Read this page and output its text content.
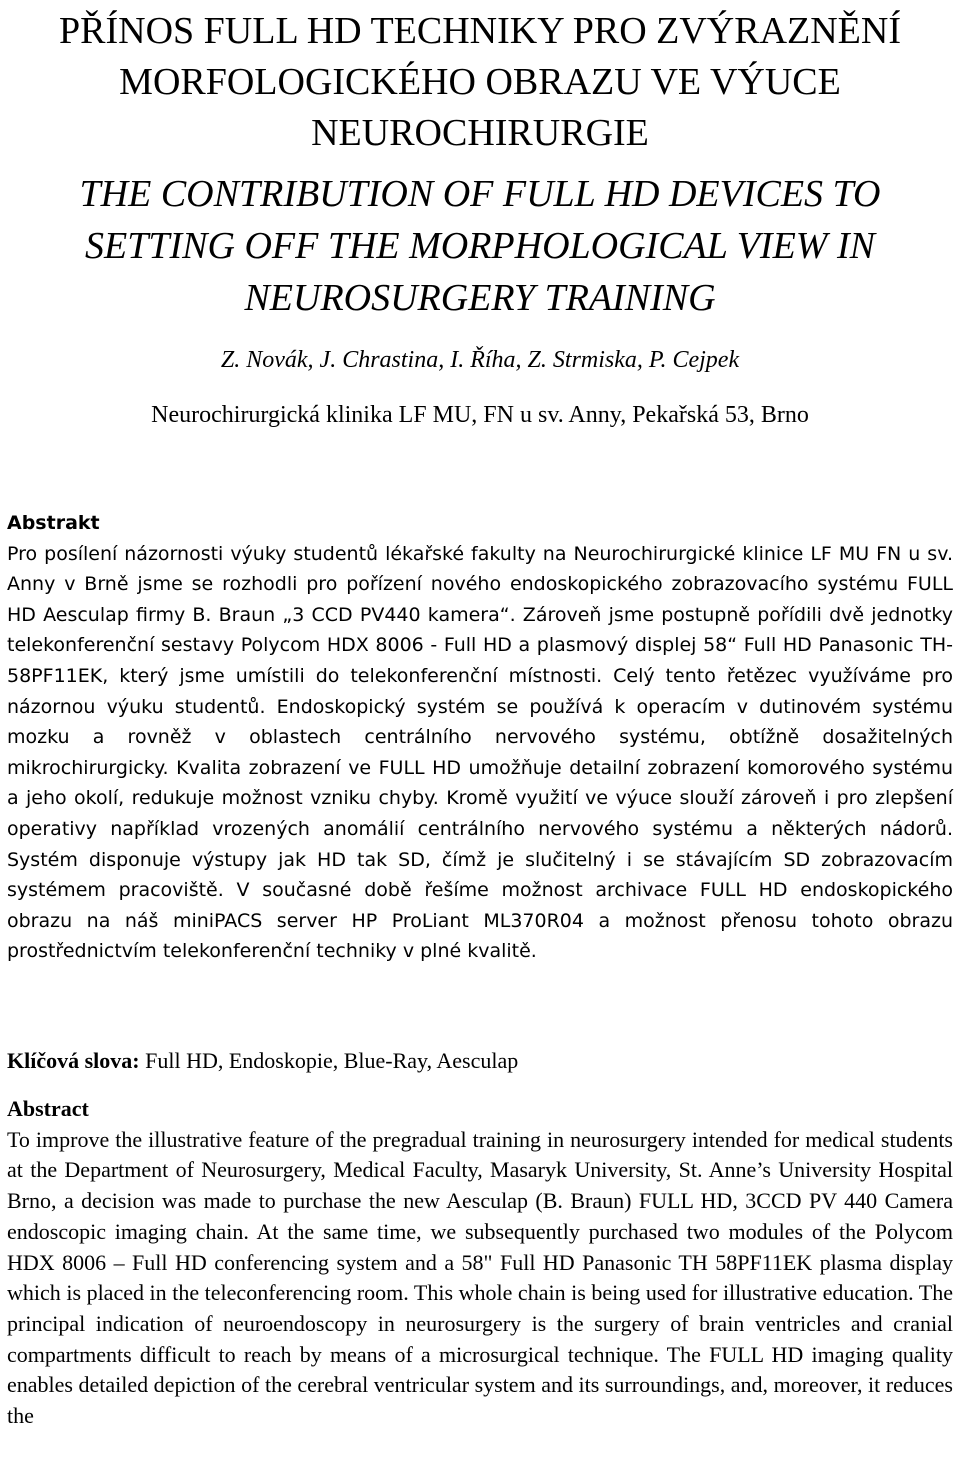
PŘÍNOS FULL HD TECHNIKY PRO ZVÝRAZNĚNÍ MORFOLOGICKÉHO OBRAZU VE VÝUCE NEUROCHIRURGIE
THE CONTRIBUTION OF FULL HD DEVICES TO SETTING OFF THE MORPHOLOGICAL VIEW IN NEUROSURGERY TRAINING
Z. Novák, J. Chrastina, I. Říha, Z. Strmiska, P. Cejpek
Neurochirurgická klinika LF MU, FN u sv. Anny, Pekařská 53, Brno
Abstrakt
Pro posílení názornosti výuky studentů lékařské fakulty na Neurochirurgické klinice LF MU FN u sv. Anny v Brně jsme se rozhodli pro pořízení nového endoskopického zobrazovacího systému FULL HD Aesculap firmy B. Braun „3 CCD PV440 kamera“. Zároveň jsme postupně pořídili dvě jednotky telekonferenční sestavy Polycom HDX 8006 - Full HD a plasmový displej 58“ Full HD Panasonic TH-58PF11EK, který jsme umístili do telekonferenční místnosti. Celý tento řetězec využíváme pro názornou výuku studentů. Endoskopický systém se používá k operacím v dutinovém systému mozku a rovněž v oblastech centrálního nervového systému, obtížně dosažitelných mikrochirurgicky. Kvalita zobrazení ve FULL HD umožňuje detailní zobrazení komorového systému a jeho okolí, redukuje možnost vzniku chyby. Kromě využití ve výuce slouží zároveň i pro zlepšení operativy například vrozených anomálií centrálního nervového systému a některých nádorů. Systém disponuje výstupy jak HD tak SD, čímž je slučitelný i se stávajícím SD zobrazovacím systémem pracoviště. V současné době řešíme možnost archivace FULL HD endoskopického obrazu na náš miniPACS server HP ProLiant ML370R04 a možnost přenosu tohoto obrazu prostřednictvím telekonferenční techniky v plné kvalitě.
Klíčová slova: Full HD, Endoskopie, Blue-Ray, Aesculap
Abstract
To improve the illustrative feature of the pregradual training in neurosurgery intended for medical students at the Department of Neurosurgery, Medical Faculty, Masaryk University, St. Anne’s University Hospital Brno, a decision was made to purchase the new Aesculap (B. Braun) FULL HD, 3CCD PV 440 Camera endoscopic imaging chain. At the same time, we subsequently purchased two modules of the Polycom HDX 8006 – Full HD conferencing system and a 58" Full HD Panasonic TH 58PF11EK plasma display which is placed in the teleconferencing room. This whole chain is being used for illustrative education. The principal indication of neuroendoscopy in neurosurgery is the surgery of brain ventricles and cranial compartments difficult to reach by means of a microsurgical technique. The FULL HD imaging quality enables detailed depiction of the cerebral ventricular system and its surroundings, and, moreover, it reduces the
